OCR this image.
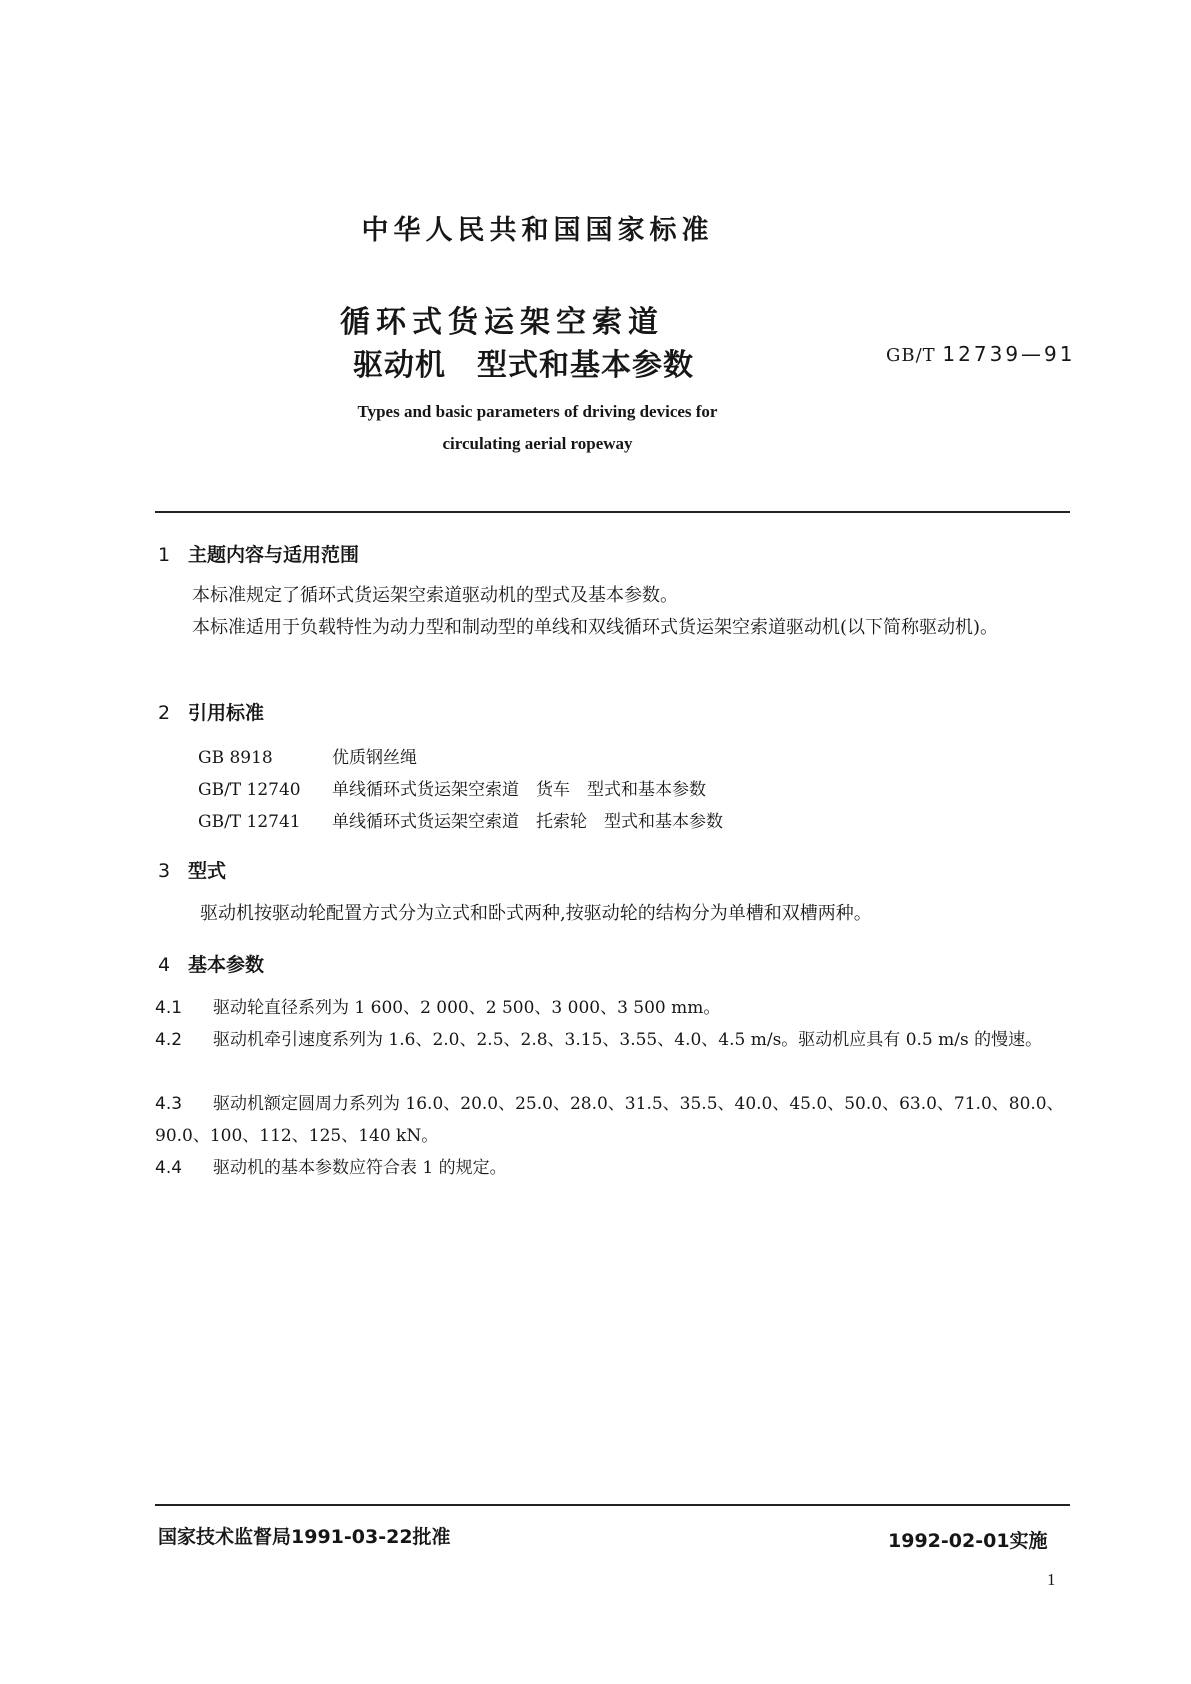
中华人民共和国国家标准
循环式货运架空索道
驱动机　型式和基本参数	GB/T 12739—91
Types and basic parameters of driving devices for
circulating aerial ropeway
1 主题内容与适用范围
本标准规定了循环式货运架空索道驱动机的型式及基本参数。
本标准适用于负载特性为动力型和制动型的单线和双线循环式货运架空索道驱动机(以下简称驱动机)。
2 引用标准
GB 8918	优质钢丝绳
GB/T 12740 单线循环式货运架空索道　货车　型式和基本参数
GB/T 12741 单线循环式货运架空索道　托索轮　型式和基本参数
3 型式
驱动机按驱动轮配置方式分为立式和卧式两种,按驱动轮的结构分为单槽和双槽两种。
4 基本参数
4.1 驱动轮直径系列为 1 600、2 000、2 500、3 000、3 500 mm。
4.2 驱动机牵引速度系列为 1.6、2.0、2.5、2.8、3.15、3.55、4.0、4.5 m/s。驱动机应具有 0.5 m/s 的慢速。
4.3 驱动机额定圆周力系列为 16.0、20.0、25.0、28.0、31.5、35.5、40.0、45.0、50.0、63.0、71.0、80.0、90.0、100、112、125、140 kN。
4.4 驱动机的基本参数应符合表 1 的规定。
国家技术监督局1991-03-22批准	1992-02-01实施
1
